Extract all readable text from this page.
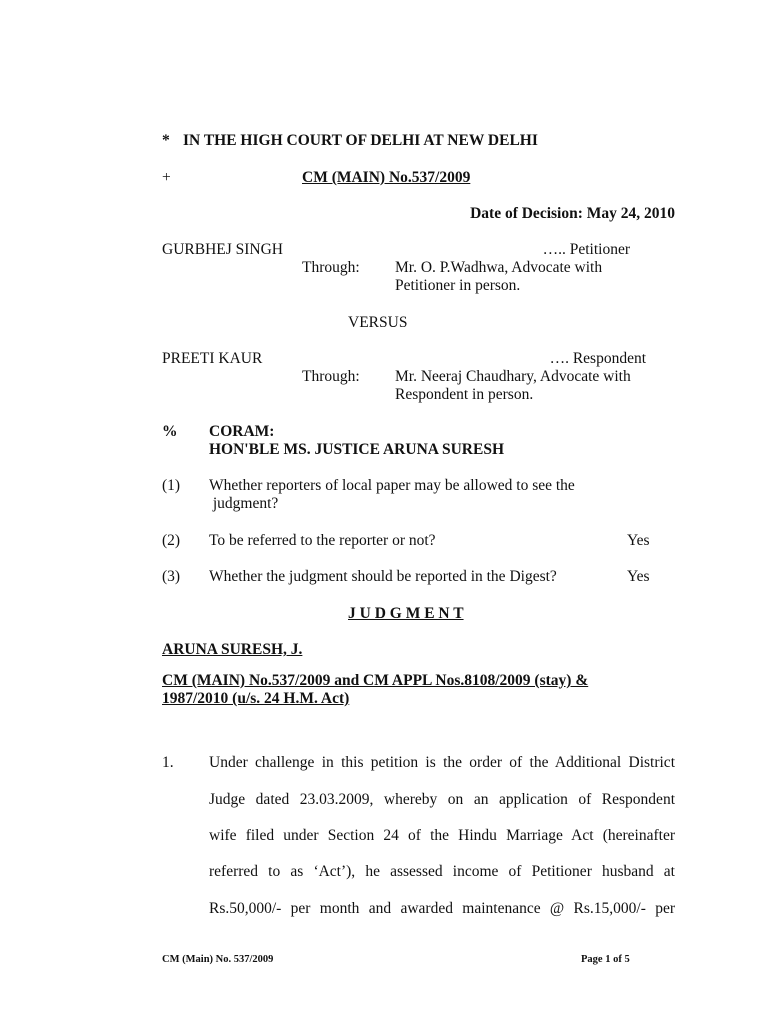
* IN THE HIGH COURT OF DELHI AT NEW DELHI
+	CM (MAIN) No.537/2009
Date of Decision: May 24, 2010
GURBHEJ SINGH	….. Petitioner
Through: Mr. O. P.Wadhwa, Advocate with
Petitioner in person.
VERSUS
PREETI KAUR	…. Respondent
Through: Mr. Neeraj Chaudhary, Advocate with
Respondent in person.
% CORAM:
HON'BLE MS. JUSTICE ARUNA SURESH
(1) Whether reporters of local paper may be allowed to see the
judgment?
(2) To be referred to the reporter or not?	Yes
(3) Whether the judgment should be reported in the Digest?	Yes
J U D G M E N T
ARUNA SURESH, J.
CM (MAIN) No.537/2009 and CM APPL Nos.8108/2009 (stay) &
1987/2010 (u/s. 24 H.M. Act)
1. Under challenge in this petition is the order of the Additional District
Judge dated 23.03.2009, whereby on an application of Respondent
wife filed under Section 24 of the Hindu Marriage Act (hereinafter
referred to as ‘Act’), he assessed income of Petitioner husband at
Rs.50,000/- per month and awarded maintenance @ Rs.15,000/- per
CM (Main) No. 537/2009	Page 1 of 5
